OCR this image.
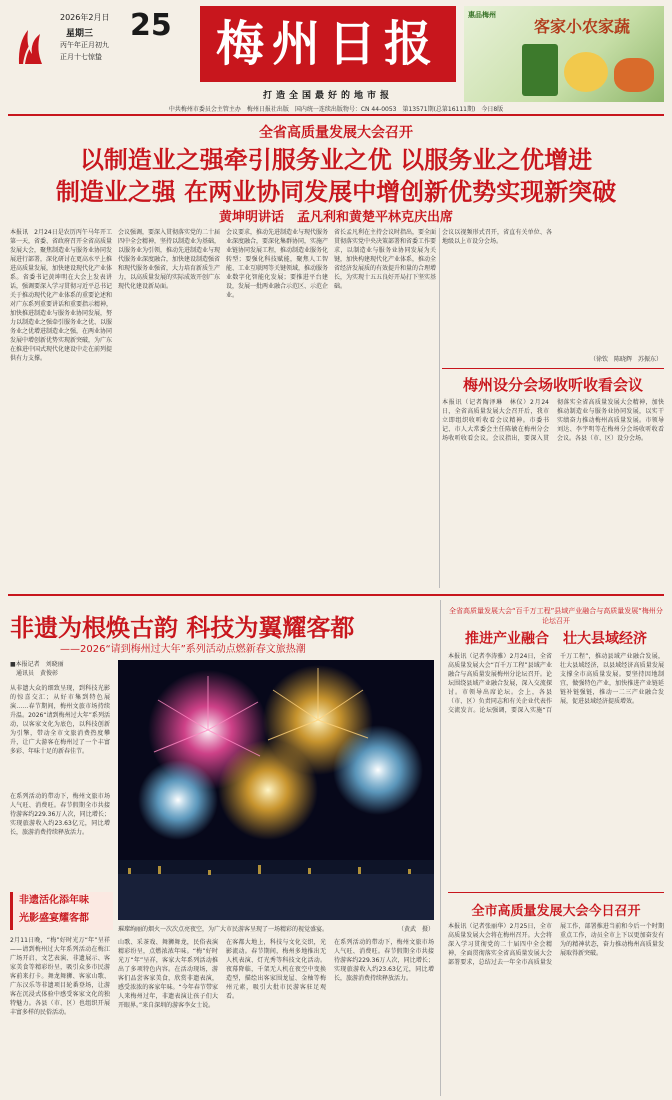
2026年2月日
星期三
丙午年正月初九
正月十七惊蛰
25 梅州日报
打造全国最好的地市报
惠品梅州
客家小农家蔬
中共梅州市委员会主管主办　梅州日报社出版　国内统一连续出版物号：CN 44-0053　第13571期(总第16111期)　今日8版
全省高质量发展大会召开
以制造业之强牵引服务业之优 以服务业之优增进
制造业之强 在两业协同发展中增创新优势实现新突破
黄坤明讲话　孟凡利和黄楚平林克庆出席
本报讯　2月24日是农历丙午马年开工第一天，省委、省政府召开全省高质量发展大会，聚焦制造业与服务业协同发展进行部署，深化研讨在更高水平上推进高质量发展，加快建设现代化产业体系。省委书记黄坤明在大会上发表讲话，强调要深入学习贯彻习近平总书记关于推动现代化产业体系的重要论述和对广东系列重要讲话和重要指示精神，加快推进制造业与服务业协同发展，努力以制造业之强牵引服务业之优、以服务业之优增进制造业之强，在两业协同发展中增创新优势实现新突破，为广东在推进中国式现代化建设中走在前列提供有力支撑。
会议强调，要深入贯彻落实党的二十届四中全会精神，坚持以制造业为基础，以服务业为引领，推动先进制造业与现代服务业深度融合，加快建设制造强省和现代服务业强省，大力培育新质生产力，以高质量发展的实际成效开创广东现代化建设新局面。
会议要求，推动先进制造业与现代服务业深度融合，要深化集群协同，实施产业链协同发展工程，推动制造业服务化转型；要强化科技赋能，聚焦人工智能、工业互联网等关键领域，推动服务业数字化智能化发展；要推进平台建设，发展一批两业融合示范区、示范企业。
省长孟凡利在主持会议时指出，要全面贯彻落实党中央决策部署和省委工作要求，以制造业与服务业协同发展为关键，加快构建现代化产业体系，推动全省经济发展质的有效提升和量的合理增长，为实现十五五良好开局打下坚实基础。
会议以视频形式召开，省直有关单位、各地级以上市设分会场。
（徐钦　陈晓辉　苏振东）
梅州设分会场收听收看会议
本报讯（记者陶泽琳　林仪）2月24日，全省高质量发展大会召开后，我市立即组织收听收看会议精神。市委书记、市人大常委会主任陈敏在梅州分会场收听收看会议。会议指出，要深入贯彻落实全省高质量发展大会精神，加快推动制造业与服务业协同发展，以实干实绩奋力推动梅州高质量发展。市领导刘达、李宇明等在梅州分会场收听收看会议。各县（市、区）设分会场。
非遗为根焕古韵 科技为翼耀客都
——2026“请到梅州过大年”系列活动点燃新春文旅热潮
■本报记者　刘晓丽
　通讯员　黄俊彰
从非遗大众的细致呈现，到科技光影的惊喜交汇；从好市集到特色展演……春节期间，梅州文旅市场持续升温。2026“请到梅州过大年”系列活动，以客家文化为底色，以科技创新为引擎，带动全市文旅消费热度攀升，让广大游客在梅州过了一个丰富多彩、年味十足的新春佳节。
在系列活动的带动下，梅州文旅市场人气旺、消费旺。春节假期全市共接待游客约229.36万人次，同比增长；实现旅游收入约23.63亿元，同比增长，旅游消费持续释放活力。
非遗活化添年味
光影盛宴耀客都
2月11日晚，“梅”好时光万“年”呈祥——请到梅州过大年系列活动在梅江广场开启，文艺表演、非遗展示、客家美食等精彩纷呈，吸引众多市民游客前来打卡。舞龙舞狮、客家山歌、广东汉乐等非遗项目轮番登场，让游客在沉浸式体验中感受客家文化的独特魅力。各县（市、区）也组织开展丰富多样的民俗活动。
璀璨绚丽的烟火一次次点亮夜空，为广大市民游客呈现了一场精彩的视觉盛宴。	（黄武　摄）
山歌、采茶戏、舞狮舞龙，民俗表演精彩纷呈，点燃浓浓年味。“梅”好时光万“年”呈祥，客家大年系列活动推出了多项特色内容。在活动现场，游客们品尝客家美食，欣赏非遗表演，感受浓浓的客家年味。“今年春节带家人来梅州过年，非遗表演让孩子们大开眼界。”来自深圳的游客李女士说。
在客都大地上，科技与文化交织，光影流动。春节期间，梅州多地推出无人机表演、灯光秀等科技文化活动。夜幕降临，千架无人机在夜空中变换造型，描绘出客家围龙屋、金柚等梅州元素，吸引大批市民游客驻足观看。
在系列活动的带动下，梅州文旅市场人气旺、消费旺。春节假期全市共接待游客约229.36万人次，同比增长；实现旅游收入约23.63亿元，同比增长，旅游消费持续释放活力。
全省高质量发展大会“百千万工程”县域产业融合与高质量发展“梅州分论坛召开
推进产业融合　壮大县域经济
本报讯（记者李涛雅）2月24日，全省高质量发展大会“百千万工程”县域产业融合与高质量发展梅州分论坛召开。论坛围绕县域产业融合发展，深入交流探讨。市领导出席论坛。会上，各县（市、区）负责同志和有关企业代表作交流发言。论坛强调，要深入实施“百千万工程”，推动县域产业融合发展，壮大县域经济，以县域经济高质量发展支撑全市高质量发展。要坚持因地制宜，做强特色产业，加快推进产业链延链补链强链，推动一二三产业融合发展，促进县域经济提质增效。
全市高质量发展大会今日召开
本报讯（记者张丽华）2月25日，全市高质量发展大会将在梅州召开。大会将深入学习贯彻党的二十届四中全会精神，全面贯彻落实全省高质量发展大会部署要求，总结过去一年全市高质量发展工作，部署推进当前和今后一个时期重点工作，动员全市上下以更加奋发有为的精神状态，奋力推动梅州高质量发展取得新突破。
